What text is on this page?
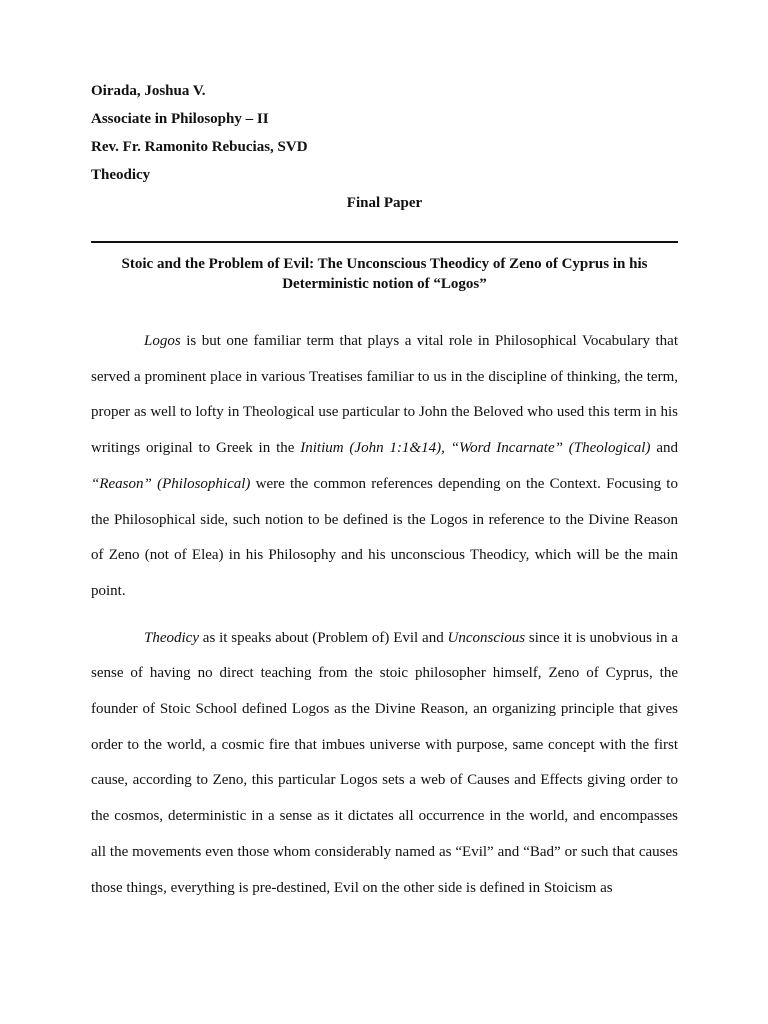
Oirada, Joshua V.
Associate in Philosophy – II
Rev. Fr. Ramonito Rebucias, SVD
Theodicy
Final Paper
Stoic and the Problem of Evil: The Unconscious Theodicy of Zeno of Cyprus in his Deterministic notion of “Logos”

Logos is but one familiar term that plays a vital role in Philosophical Vocabulary that served a prominent place in various Treatises familiar to us in the discipline of thinking, the term, proper as well to lofty in Theological use particular to John the Beloved who used this term in his writings original to Greek in the Initium (John 1:1&14), “Word Incarnate” (Theological) and “Reason” (Philosophical) were the common references depending on the Context. Focusing to the Philosophical side, such notion to be defined is the Logos in reference to the Divine Reason of Zeno (not of Elea) in his Philosophy and his unconscious Theodicy, which will be the main point.

Theodicy as it speaks about (Problem of) Evil and Unconscious since it is unobvious in a sense of having no direct teaching from the stoic philosopher himself, Zeno of Cyprus, the founder of Stoic School defined Logos as the Divine Reason, an organizing principle that gives order to the world, a cosmic fire that imbues universe with purpose, same concept with the first cause, according to Zeno, this particular Logos sets a web of Causes and Effects giving order to the cosmos, deterministic in a sense as it dictates all occurrence in the world, and encompasses all the movements even those whom considerably named as “Evil” and “Bad” or such that causes those things, everything is pre-destined, Evil on the other side is defined in Stoicism as
